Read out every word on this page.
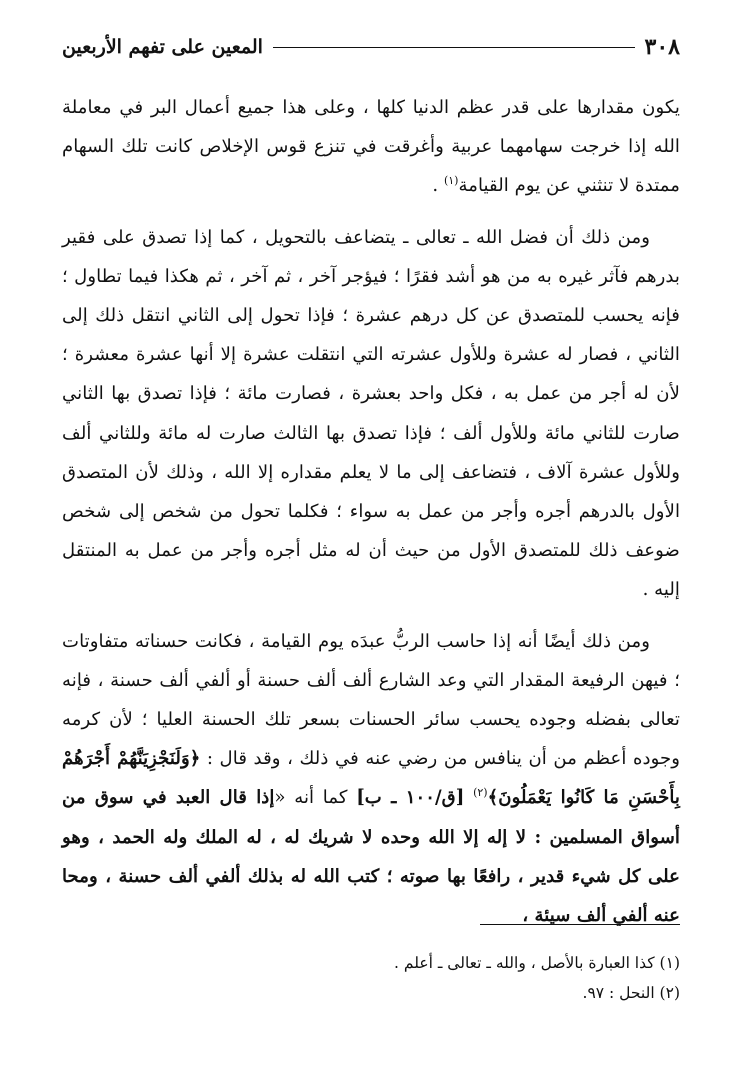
٣٠٨
المعين على تفهم الأربعين

يكون مقدارها على قدر عظم الدنيا كلها ، وعلى هذا جميع أعمال البر في معاملة الله إذا خرجت سهامهما عربية وأغرقت في تنزع قوس الإخلاص كانت تلك السهام ممتدة لا تنثني عن يوم القيامة$^{(١)}$ .

ومن ذلك أن فضل الله ـ تعالى ـ يتضاعف بالتحويل ، كما إذا تصدق على فقير بدرهم فآثر غيره به من هو أشد فقرًا ؛ فيؤجر آخر ، ثم آخر ، ثم هكذا فيما تطاول ؛ فإنه يحسب للمتصدق عن كل درهم عشرة ؛ فإذا تحول إلى الثاني انتقل ذلك إلى الثاني ، فصار له عشرة وللأول عشرته التي انتقلت عشرة إلا أنها عشرة معشرة ؛ لأن له أجر من عمل به ، فكل واحد بعشرة ، فصارت مائة ؛ فإذا تصدق بها الثاني صارت للثاني مائة وللأول ألف ؛ فإذا تصدق بها الثالث صارت له مائة وللثاني ألف وللأول عشرة آلاف ، فتضاعف إلى ما لا يعلم مقداره إلا الله ، وذلك لأن المتصدق الأول بالدرهم أجره وأجر من عمل به سواء ؛ فكلما تحول من شخص إلى شخص ضوعف ذلك للمتصدق الأول من حيث أن له مثل أجره وأجر من عمل به المنتقل إليه .

ومن ذلك أيضًا أنه إذا حاسب الربُّ عبدَه يوم القيامة ، فكانت حسناته متفاوتات ؛ فيهن الرفيعة المقدار التي وعد الشارع ألف ألف حسنة أو ألفي ألف حسنة ، فإنه تعالى بفضله وجوده يحسب سائر الحسنات بسعر تلك الحسنة العليا ؛ لأن كرمه وجوده أعظم من أن ينافس من رضي عنه في ذلك ، وقد قال : ﴿وَلَنَجْزِيَنَّهُمْ أَجْرَهُمْ بِأَحْسَنِ مَا كَانُوا يَعْمَلُونَ﴾$^{(٢)}$ [ق/١٠٠ ـ ب] كما أنه «إذا قال العبد في سوق من أسواق المسلمين : لا إله إلا الله وحده لا شريك له ، له الملك وله الحمد ، وهو على كل شيء قدير ، رافعًا بها صوته ؛ كتب الله له بذلك ألفي ألف حسنة ، ومحا عنه ألفي ألف سيئة ،

(١) كذا العبارة بالأصل ، والله ـ تعالى ـ أعلم .
(٢) النحل : ٩٧.
